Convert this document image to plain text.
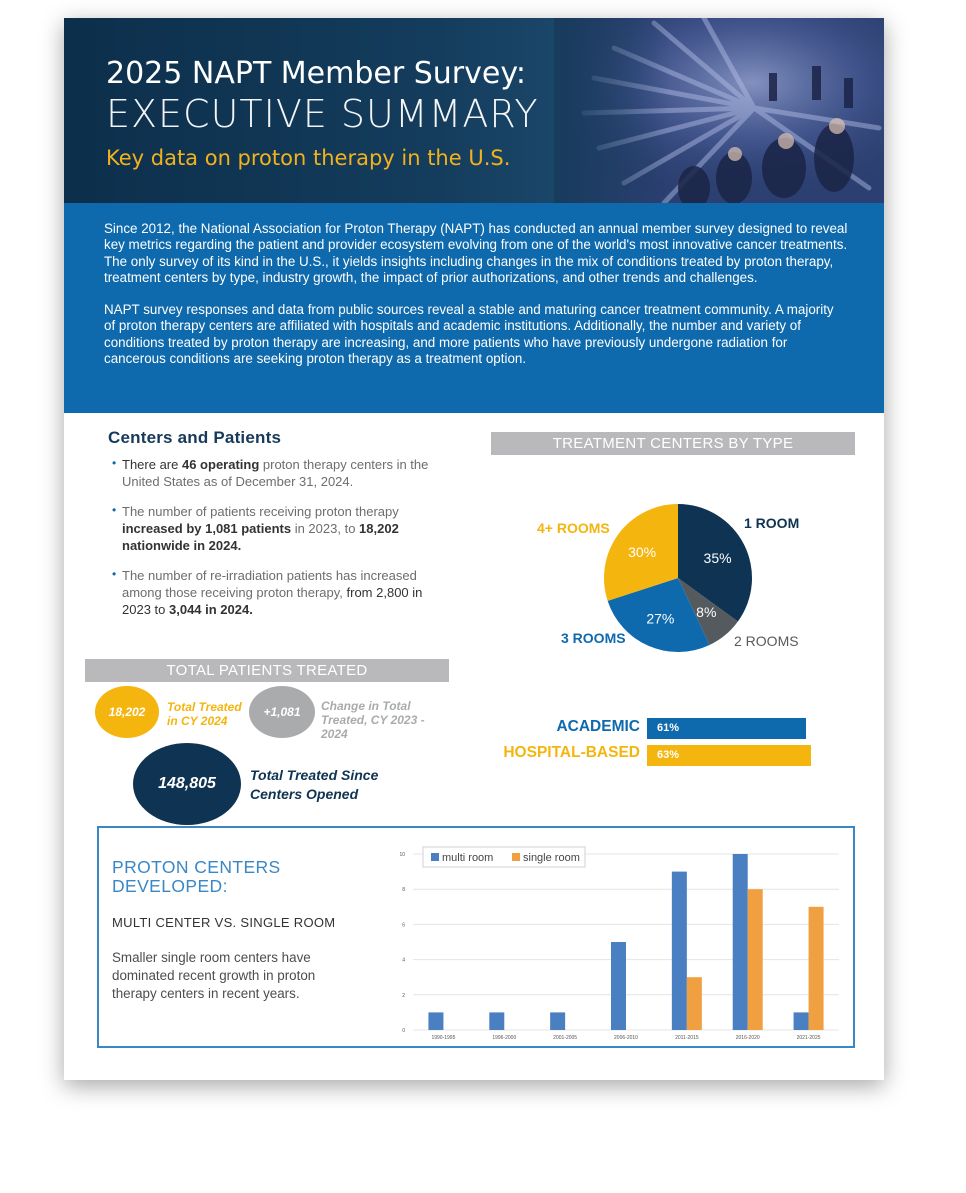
2025 NAPT Member Survey:
EXECUTIVE SUMMARY
Key data on proton therapy in the U.S.

Since 2012, the National Association for Proton Therapy (NAPT) has conducted an annual member survey designed to reveal key metrics regarding the patient and provider ecosystem evolving from one of the world's most innovative cancer treatments. The only survey of its kind in the U.S., it yields insights including changes in the mix of conditions treated by proton therapy, treatment centers by type, industry growth, the impact of prior authorizations, and other trends and challenges.

NAPT survey responses and data from public sources reveal a stable and maturing cancer treatment community. A majority of proton therapy centers are affiliated with hospitals and academic institutions. Additionally, the number and variety of conditions treated by proton therapy are increasing, and more patients who have previously undergone radiation for cancerous conditions are seeking proton therapy as a treatment option.

Centers and Patients
• There are 46 operating proton therapy centers in the United States as of December 31, 2024.
• The number of patients receiving proton therapy increased by 1,081 patients in 2023, to 18,202 nationwide in 2024.
• The number of re-irradiation patients has increased among those receiving proton therapy, from 2,800 in 2023 to 3,044 in 2024.
TOTAL PATIENTS TREATED
18,202 Total Treated in CY 2024
+1,081 Change in Total Treated, CY 2023 - 2024
148,805 Total Treated Since Centers Opened
TREATMENT CENTERS BY TYPE
35%
8%
27%
30%
1 ROOM
2 ROOMS
3 ROOMS
4+ ROOMS
ACADEMIC	61%
HOSPITAL-BASED	63%
PROTON CENTERS
DEVELOPED:
MULTI CENTER VS. SINGLE ROOM
Smaller single room centers have dominated recent growth in proton therapy centers in recent years.
0
2
4
6
8
10
1990-1995	1996-2000	2001-2005	2006-2010	2011-2015	2016-2020	2021-2025
multi room	single room
